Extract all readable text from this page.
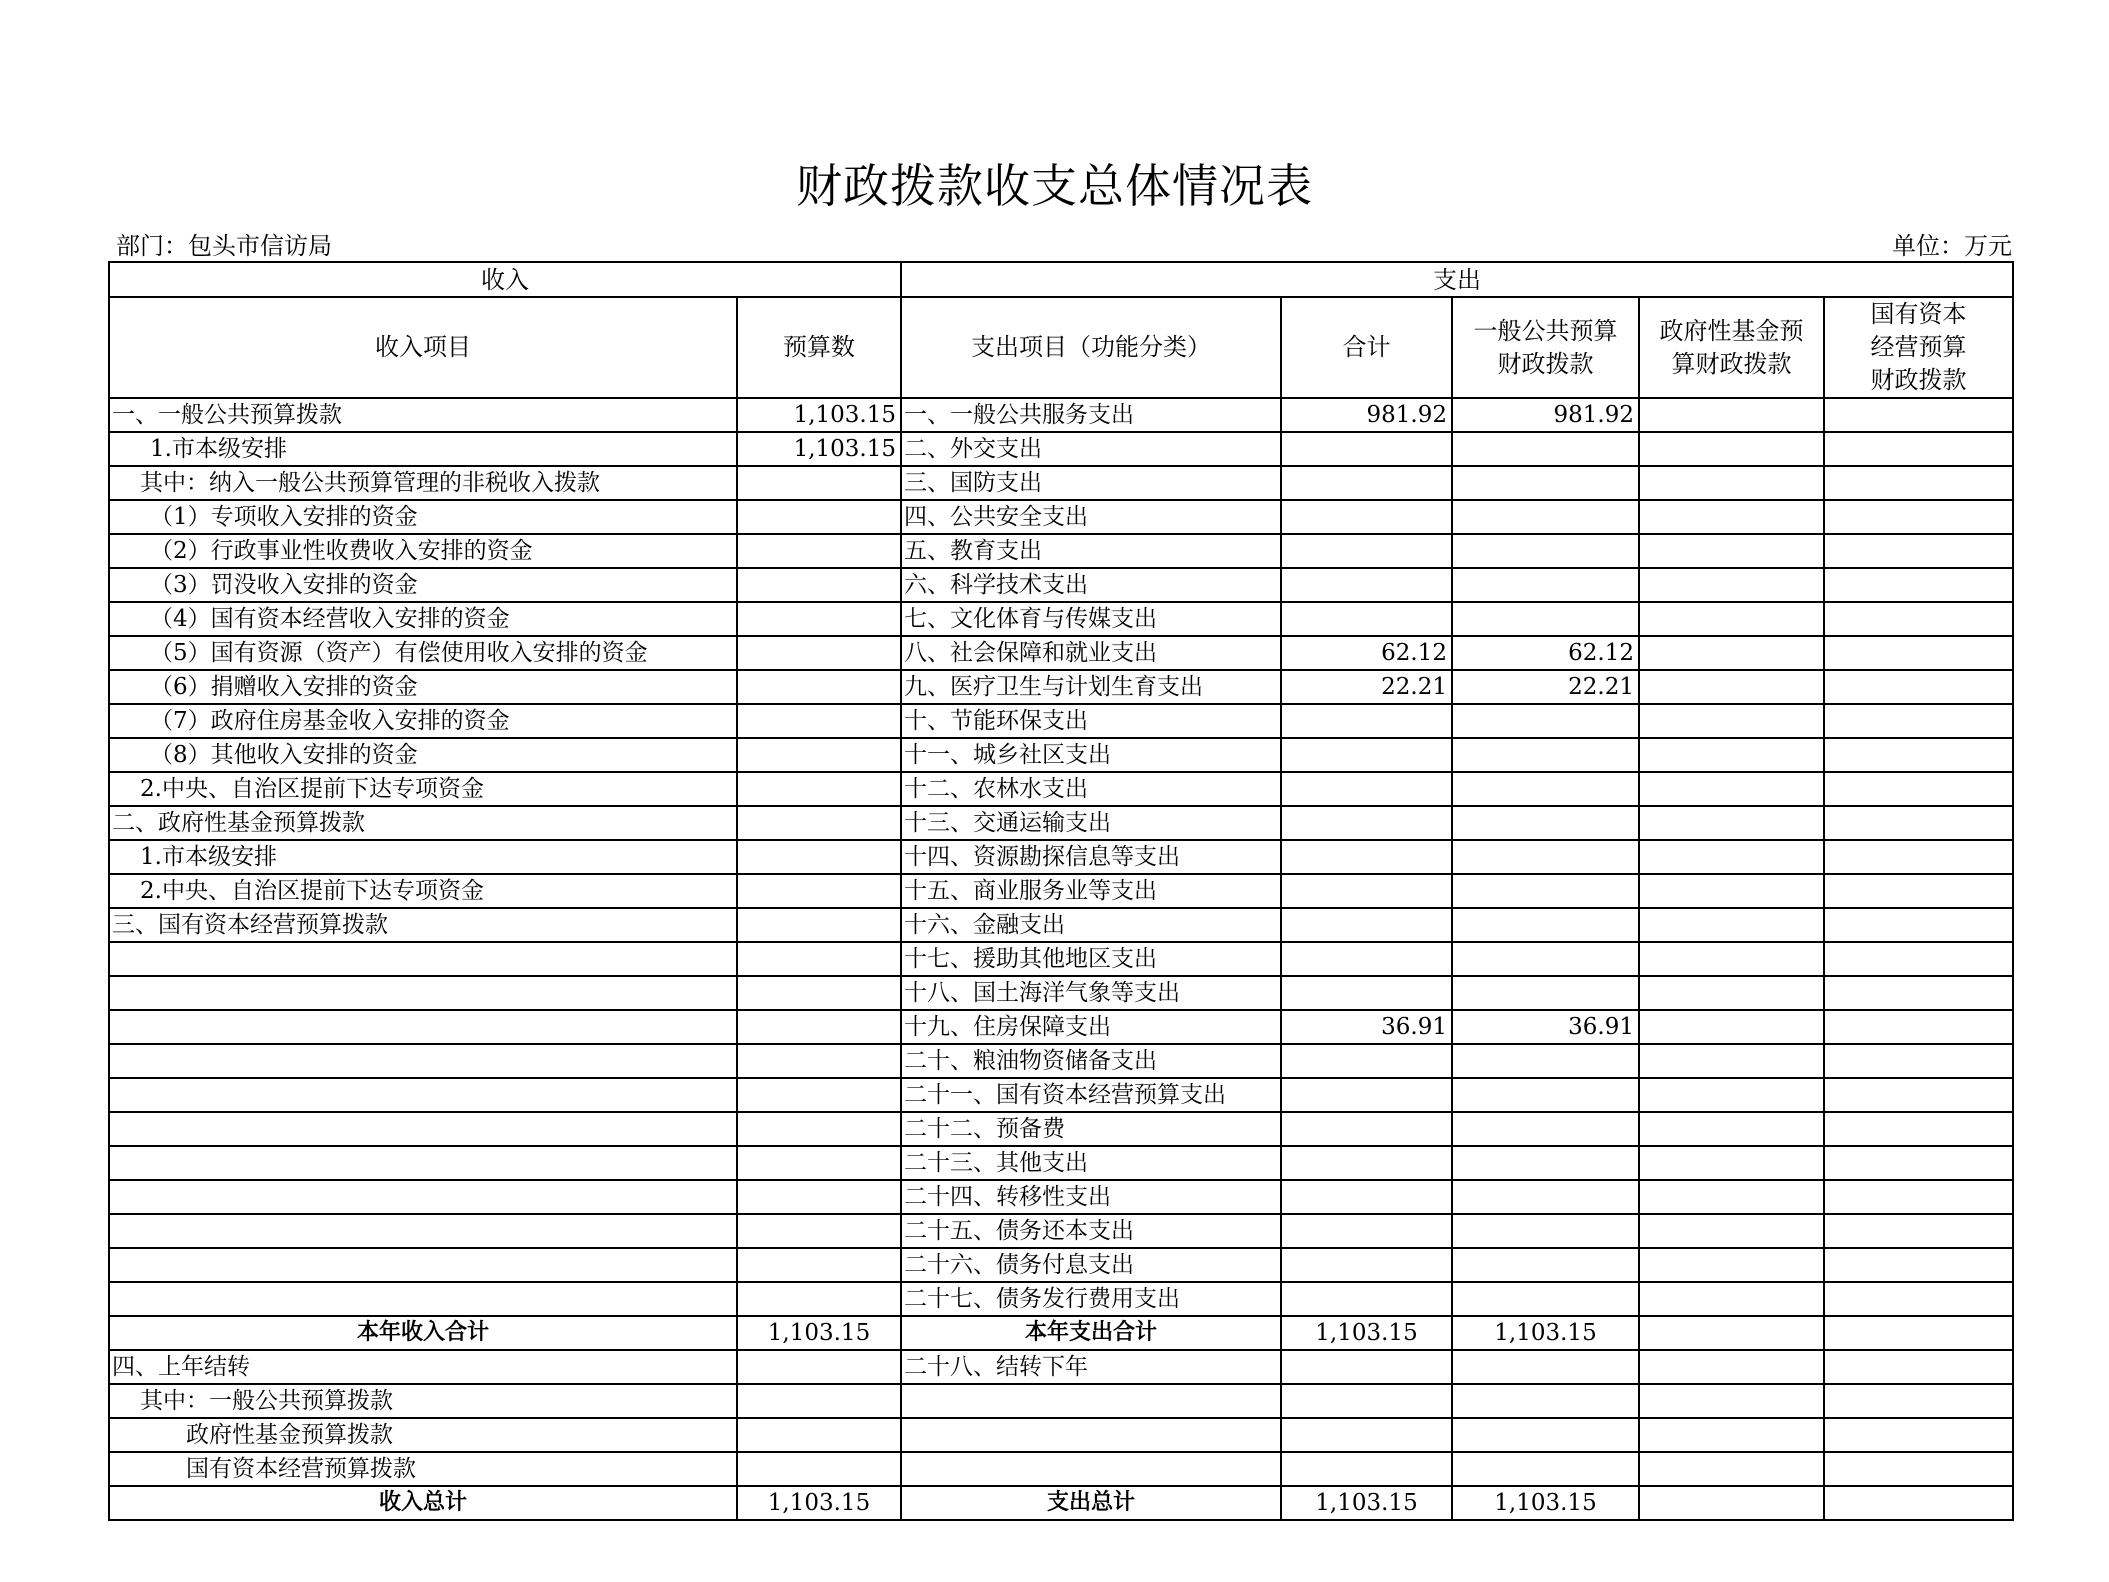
财政拨款收支总体情况表
部门：包头市信访局	单位：万元
收入		支出				
收入项目	预算数	支出项目（功能分类）	合计	一般公共预算财政拨款	政府性基金预算财政拨款	国有资本经营预算财政拨款
一、一般公共预算拨款	1,103.15	一、一般公共服务支出	981.92	981.92		
1.市本级安排	1,103.15	二、外交支出				
其中：纳入一般公共预算管理的非税收入拨款		三、国防支出				
（1）专项收入安排的资金		四、公共安全支出				
（2）行政事业性收费收入安排的资金		五、教育支出				
（3）罚没收入安排的资金		六、科学技术支出				
（4）国有资本经营收入安排的资金		七、文化体育与传媒支出				
（5）国有资源（资产）有偿使用收入安排的资金		八、社会保障和就业支出	62.12	62.12		
（6）捐赠收入安排的资金		九、医疗卫生与计划生育支出	22.21	22.21		
（7）政府住房基金收入安排的资金		十、节能环保支出				
（8）其他收入安排的资金		十一、城乡社区支出				
2.中央、自治区提前下达专项资金		十二、农林水支出				
二、政府性基金预算拨款		十三、交通运输支出				
1.市本级安排		十四、资源勘探信息等支出				
2.中央、自治区提前下达专项资金		十五、商业服务业等支出				
三、国有资本经营预算拨款		十六、金融支出				
		十七、援助其他地区支出				
		十八、国土海洋气象等支出				
		十九、住房保障支出	36.91	36.91		
		二十、粮油物资储备支出				
		二十一、国有资本经营预算支出				
		二十二、预备费				
		二十三、其他支出				
		二十四、转移性支出				
		二十五、债务还本支出				
		二十六、债务付息支出				
		二十七、债务发行费用支出				
本年收入合计	1,103.15	本年支出合计	1,103.15	1,103.15		
四、上年结转		二十八、结转下年				
其中：一般公共预算拨款						
政府性基金预算拨款						
国有资本经营预算拨款						
收入总计	1,103.15	支出总计	1,103.15	1,103.15		
